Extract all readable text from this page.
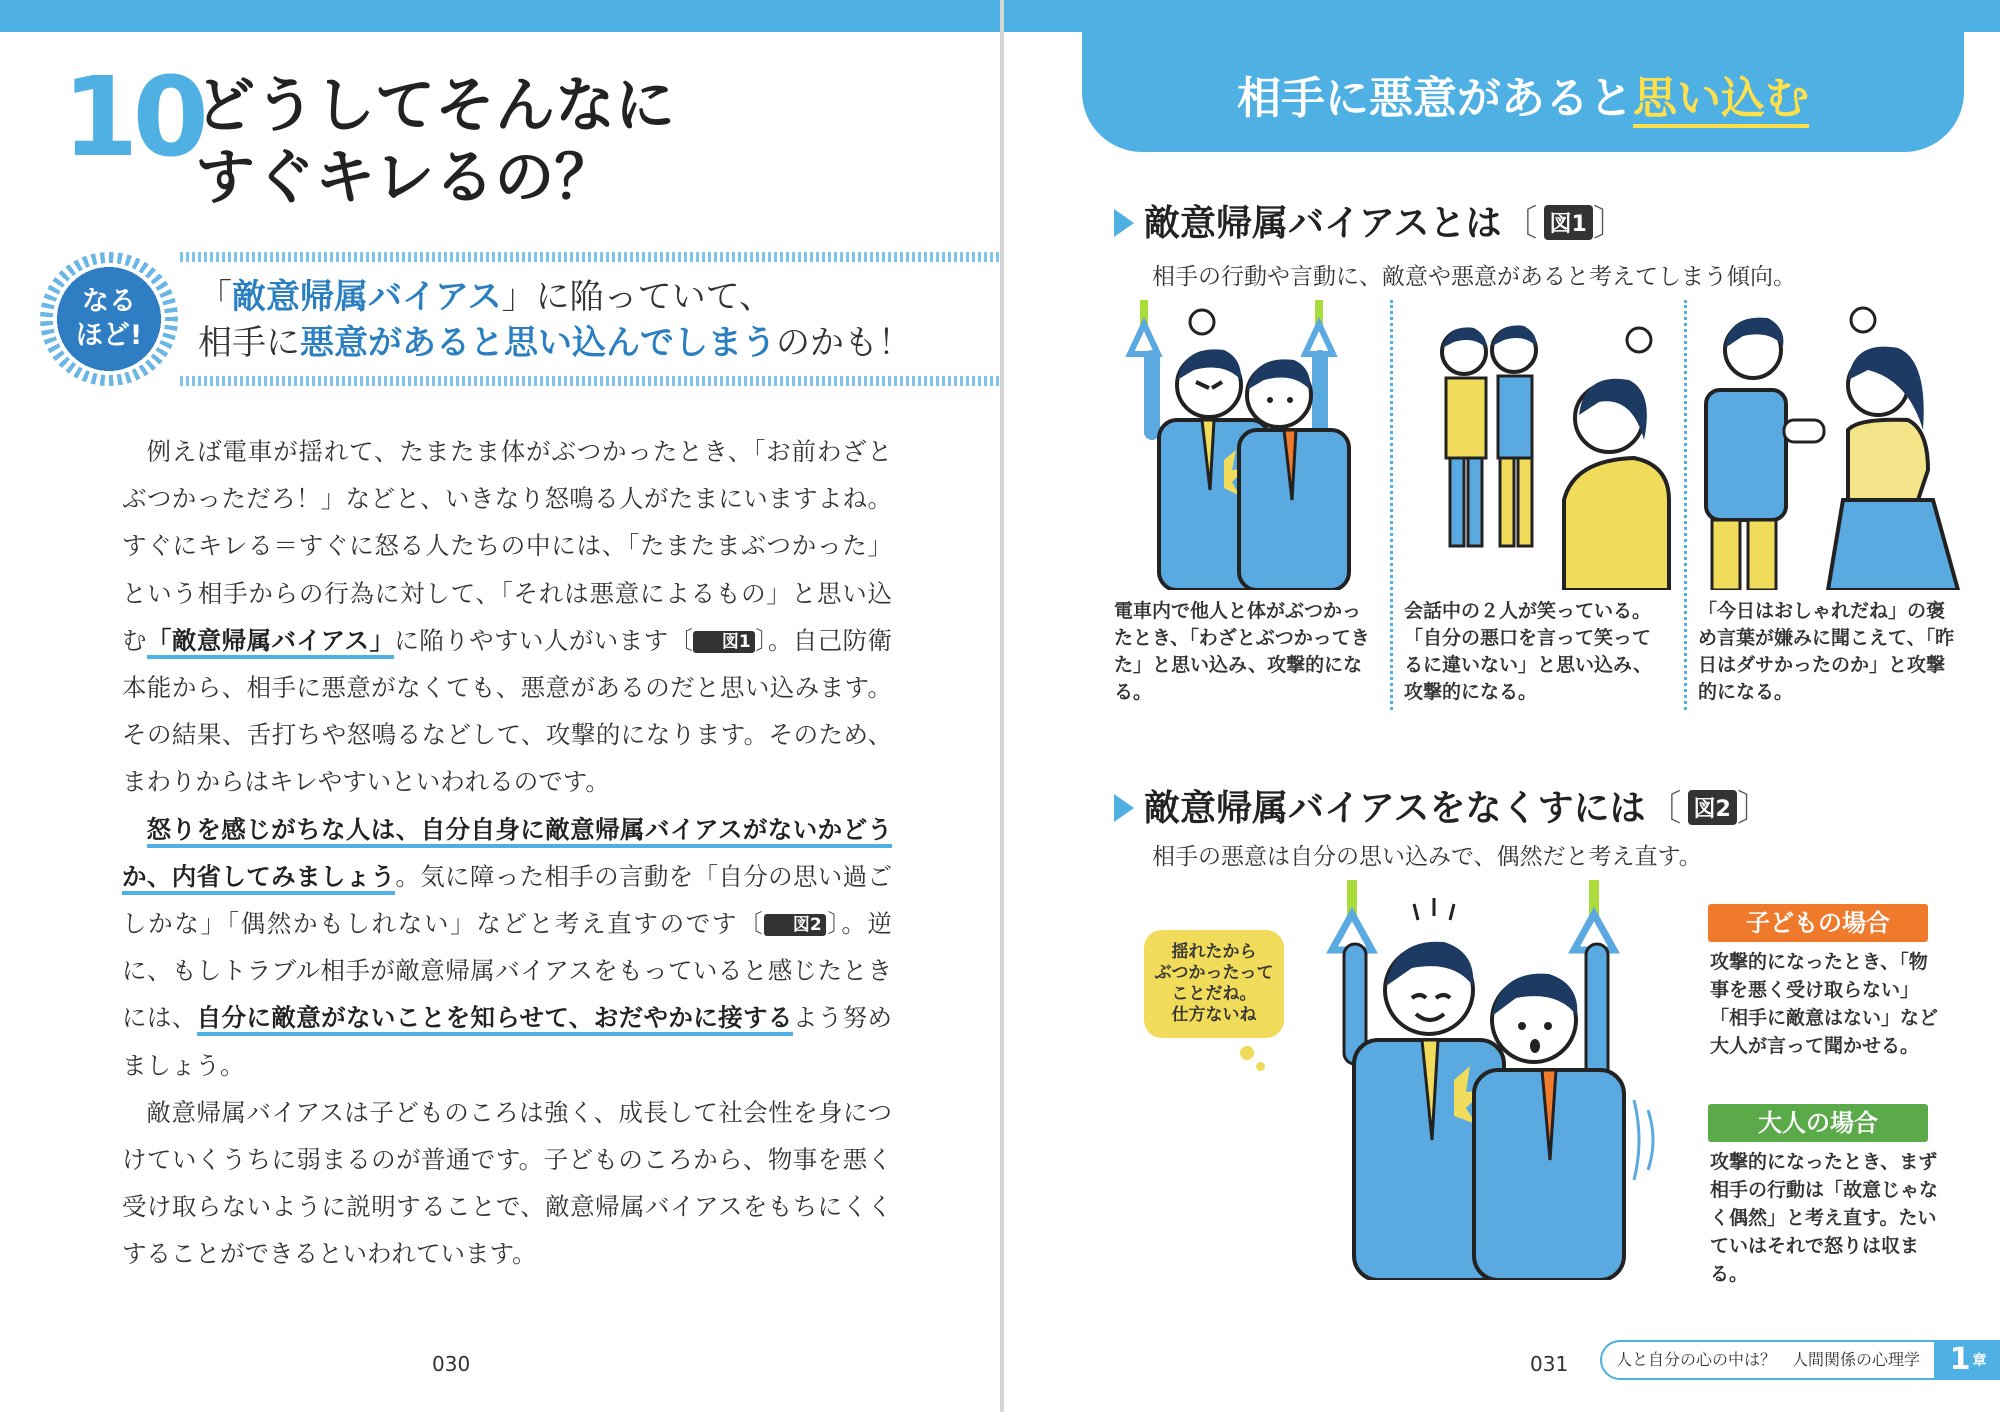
10
どうしてそんなに
すぐキレるの？
なる
ほど!
「敵意帰属バイアス」に陥っていて、
相手に悪意があると思い込んでしまうのかも！

例えば電車が揺れて、たまたま体がぶつかったとき、「お前わざとぶつかっただろ！」などと、いきなり怒鳴る人がたまにいますよね。すぐにキレる＝すぐに怒る人たちの中には、「たまたまぶつかった」という相手からの行為に対して、「それは悪意によるもの」と思い込む「敵意帰属バイアス」に陥りやすい人がいます〔 図1 〕。自己防衛本能から、相手に悪意がなくても、悪意があるのだと思い込みます。その結果、舌打ちや怒鳴るなどして、攻撃的になります。そのため、まわりからはキレやすいといわれるのです。

怒りを感じがちな人は、自分自身に敵意帰属バイアスがないかどうか、内省してみましょう。気に障った相手の言動を「自分の思い過ごしかな」「偶然かもしれない」などと考え直すのです〔 図2 〕。逆に、もしトラブル相手が敵意帰属バイアスをもっていると感じたときには、自分に敵意がないことを知らせて、おだやかに接するよう努めましょう。

敵意帰属バイアスは子どものころは強く、成長して社会性を身につけていくうちに弱まるのが普通です。子どものころから、物事を悪く受け取らないように説明することで、敵意帰属バイアスをもちにくくすることができるといわれています。

030
相手に悪意があると思い込む
敵意帰属バイアスとは〔 図1 〕
相手の行動や言動に、敵意や悪意があると考えてしまう傾向。
電車内で他人と体がぶつかったとき、「わざとぶつかってきた」と思い込み、攻撃的になる。
会話中の２人が笑っている。「自分の悪口を言って笑ってるに違いない」と思い込み、攻撃的になる。
「今日はおしゃれだね」の褒め言葉が嫌みに聞こえて、「昨日はダサかったのか」と攻撃的になる。
敵意帰属バイアスをなくすには〔 図2 〕
相手の悪意は自分の思い込みで、偶然だと考え直す。
揺れたから
ぶつかったって
ことだね。
仕方ないね
子どもの場合
攻撃的になったとき、「物事を悪く受け取らない」「相手に敵意はない」など大人が言って聞かせる。
大人の場合
攻撃的になったとき、まず相手の行動は「故意じゃなく偶然」と考え直す。たいていはそれで怒りは収まる。
031	人と自分の心の中は？　人間関係の心理学 1 章
